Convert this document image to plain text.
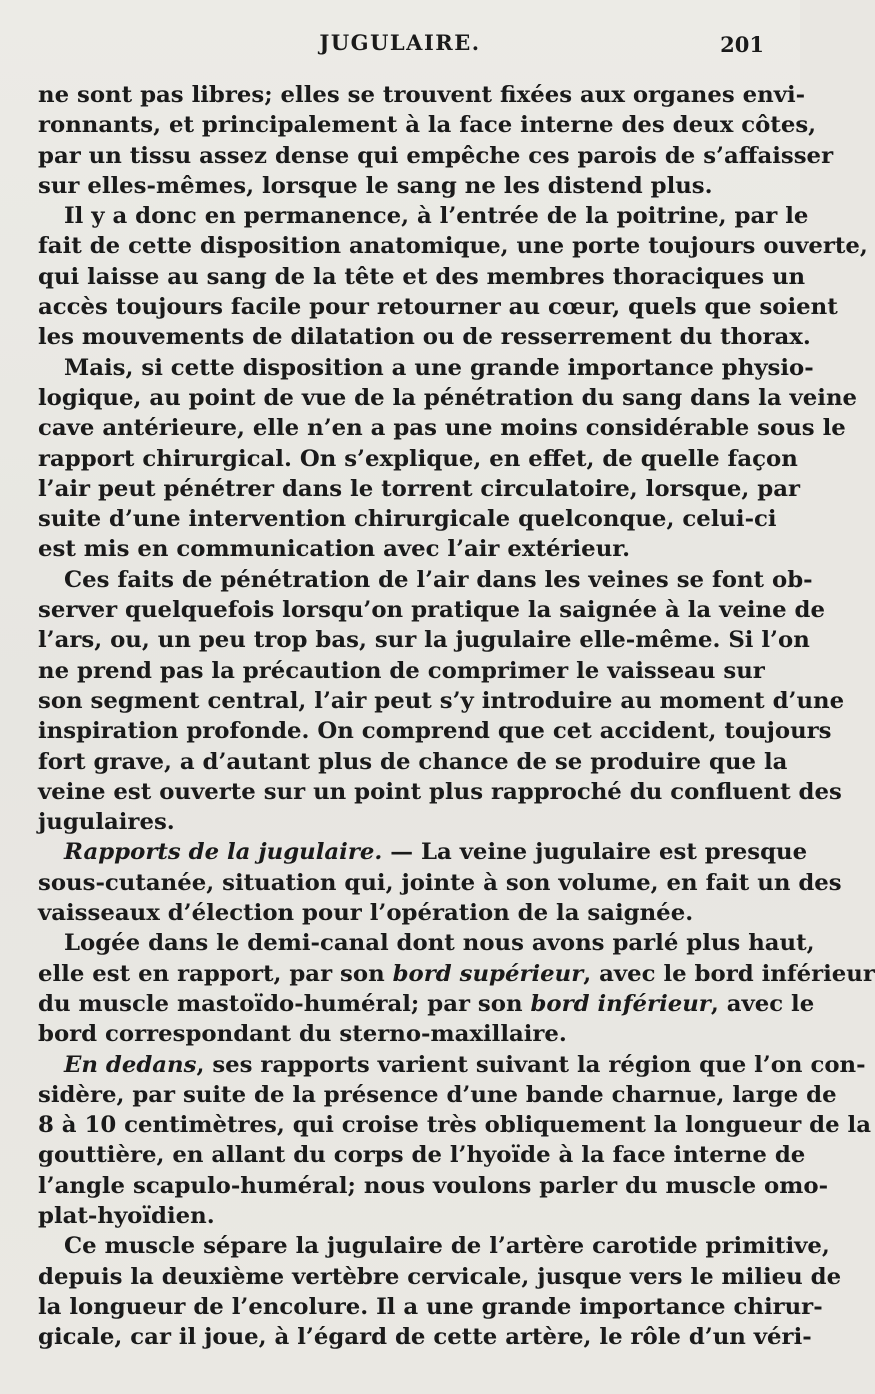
JUGULAIRE.	201
ne sont pas libres; elles se trouvent fixées aux organes envi-
ronnants, et principalement à la face interne des deux côtes,
par un tissu assez dense qui empêche ces parois de s’affaisser
sur elles-mêmes, lorsque le sang ne les distend plus.
Il y a donc en permanence, à l’entrée de la poitrine, par le
fait de cette disposition anatomique, une porte toujours ouverte,
qui laisse au sang de la tête et des membres thoraciques un
accès toujours facile pour retourner au cœur, quels que soient
les mouvements de dilatation ou de resserrement du thorax.
Mais, si cette disposition a une grande importance physio-
logique, au point de vue de la pénétration du sang dans la veine
cave antérieure, elle n’en a pas une moins considérable sous le
rapport chirurgical. On s’explique, en effet, de quelle façon
l’air peut pénétrer dans le torrent circulatoire, lorsque, par
suite d’une intervention chirurgicale quelconque, celui-ci
est mis en communication avec l’air extérieur.
Ces faits de pénétration de l’air dans les veines se font ob-
server quelquefois lorsqu’on pratique la saignée à la veine de
l’ars, ou, un peu trop bas, sur la jugulaire elle-même. Si l’on
ne prend pas la précaution de comprimer le vaisseau sur
son segment central, l’air peut s’y introduire au moment d’une
inspiration profonde. On comprend que cet accident, toujours
fort grave, a d’autant plus de chance de se produire que la
veine est ouverte sur un point plus rapproché du confluent des
jugulaires.
Rapports de la jugulaire. — La veine jugulaire est presque
sous-cutanée, situation qui, jointe à son volume, en fait un des
vaisseaux d’élection pour l’opération de la saignée.
Logée dans le demi-canal dont nous avons parlé plus haut,
elle est en rapport, par son bord supérieur, avec le bord inférieur
du muscle mastoïdo-huméral; par son bord inférieur, avec le
bord correspondant du sterno-maxillaire.
En dedans, ses rapports varient suivant la région que l’on con-
sidère, par suite de la présence d’une bande charnue, large de
8 à 10 centimètres, qui croise très obliquement la longueur de la
gouttière, en allant du corps de l’hyoïde à la face interne de
l’angle scapulo-huméral; nous voulons parler du muscle omo-
plat-hyoïdien.
Ce muscle sépare la jugulaire de l’artère carotide primitive,
depuis la deuxième vertèbre cervicale, jusque vers le milieu de
la longueur de l’encolure. Il a une grande importance chirur-
gicale, car il joue, à l’égard de cette artère, le rôle d’un véri-
